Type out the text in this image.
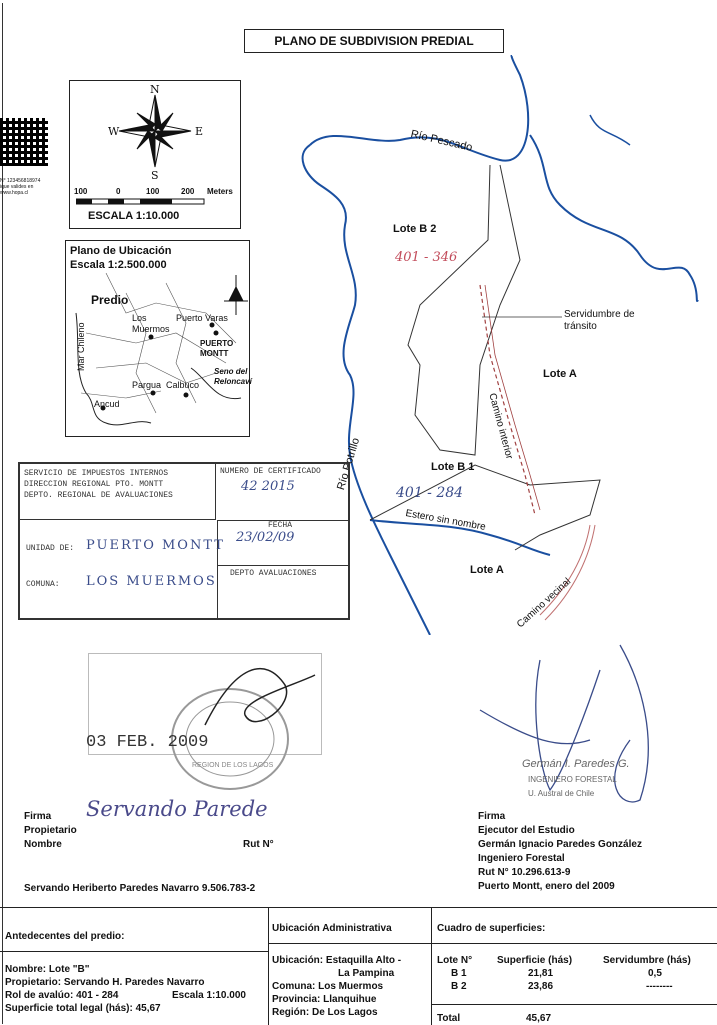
PLANO DE SUBDIVISION PREDIAL
N° 123456818974
ique valides en
www.hopa.cl
N
S
E
W
100	0	100	200 Meters
ESCALA 1:10.000
Plano de Ubicación
Escala 1:2.500.000
Predio
Los Muermos
Puerto Varas
PUERTO MONTT
Mar Chileno
Seno del Reloncaví
Pargua Calbuco
Ancud
Río Pescado
Lote B 2
401 - 346
Servidumbre de tránsito
Lote A
Camino interior
Río Potrillo	Lote B 1
401 - 284
Estero sin nombre
Lote A
Camino vecinal
SERVICIO DE IMPUESTOS INTERNOS
DIRECCION REGIONAL PTO. MONTT
DEPTO. REGIONAL DE AVALUACIONES
NUMERO DE CERTIFICADO
42 2015
FECHA
23/02/09
DEPTO AVALUACIONES
UNIDAD DE: PUERTO MONTT
COMUNA: LOS MUERMOS
REGION DE LOS LAGOS
03 FEB. 2009
Germán I. Paredes G.
INGENIERO FORESTAL
U. Austral de Chile
Servando Parede
Firma
Propietario
Nombre	Rut N°
Servando Heriberto Paredes Navarro 9.506.783-2
Firma
Ejecutor del Estudio
Germán Ignacio Paredes González
Ingeniero Forestal
Rut N° 10.296.613-9
Puerto Montt, enero del 2009
Antedecentes del predio:
Nombre: Lote "B"
Propietario: Servando H. Paredes Navarro
Rol de avalúo: 401 - 284	Escala 1:10.000
Superficie total legal (hás): 45,67
Ubicación Administrativa
Ubicación: Estaquilla Alto -
La Pampina
Comuna: Los Muermos
Provincia: Llanquihue
Región: De Los Lagos
Cuadro de superficies:
Lote N° Superficie (hás)	Servidumbre (hás)
B 1	21,81	0,5
B 2	23,86	--------
Total	45,67
